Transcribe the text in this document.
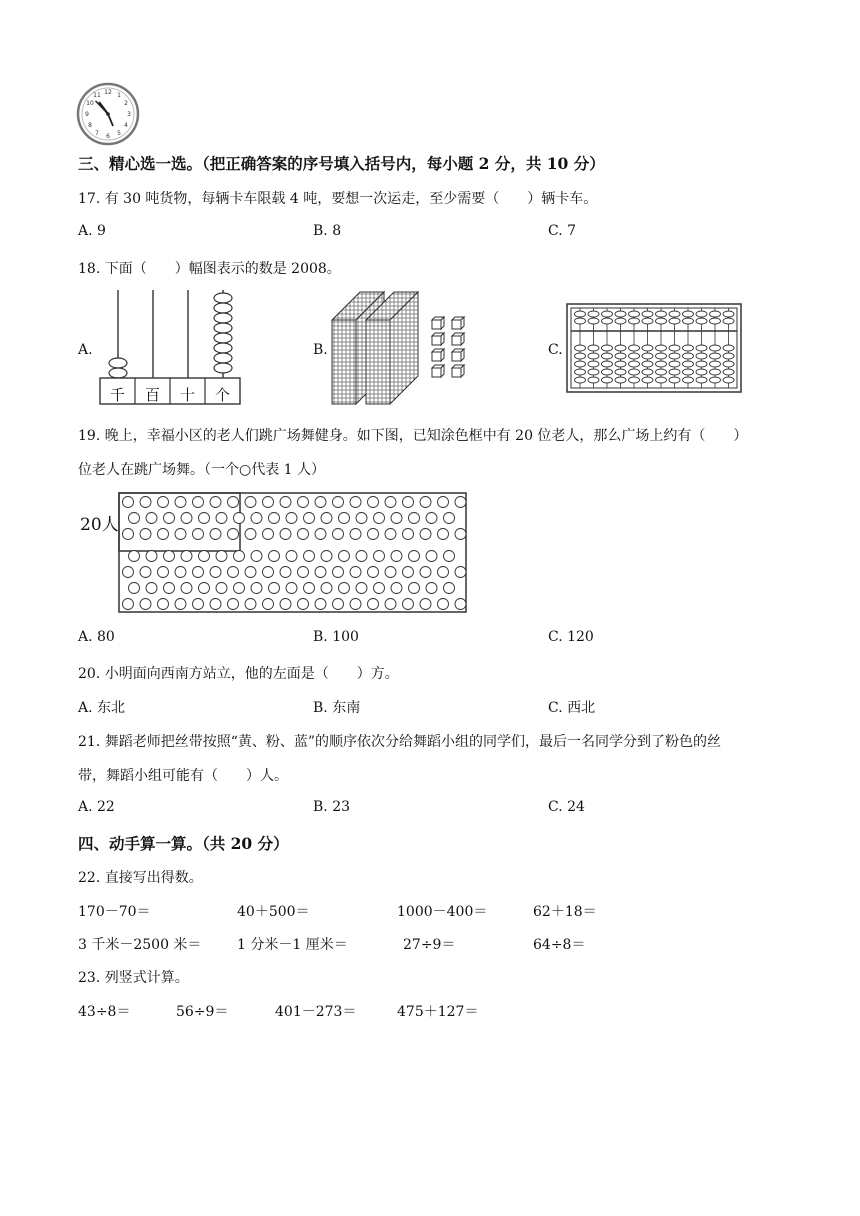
12 1
2
3
4
5
6
7
8
9
10
11
三、精心选一选。（把正确答案的序号填入括号内，每小题 2 分，共 10 分）
17. 有 30 吨货物，每辆卡车限载 4 吨，要想一次运走，至少需要（　　）辆卡车。
A. 9	B. 8	C. 7
18. 下面（　　）幅图表示的数是 2008。
A.
千 百 十 个
B.	C.
19. 晚上，幸福小区的老人们跳广场舞健身。如下图，已知涂色框中有 20 位老人，那么广场上约有（　　）
位老人在跳广场舞。（一个○代表 1 人）
20人
A. 80	B. 100	C. 120
20. 小明面向西南方站立，他的左面是（　　）方。
A. 东北	B. 东南	C. 西北
21. 舞蹈老师把丝带按照“黄、粉、蓝”的顺序依次分给舞蹈小组的同学们，最后一名同学分到了粉色的丝
带，舞蹈小组可能有（　　）人。
A. 22	B. 23	C. 24
四、动手算一算。（共 20 分）
22. 直接写出得数。
170－70＝	40＋500＝	1000－400＝	62＋18＝
3 千米－2500 米＝	1 分米－1 厘米＝	27÷9＝	64÷8＝
23. 列竖式计算。
43÷8＝	56÷9＝	401－273＝	475＋127＝
